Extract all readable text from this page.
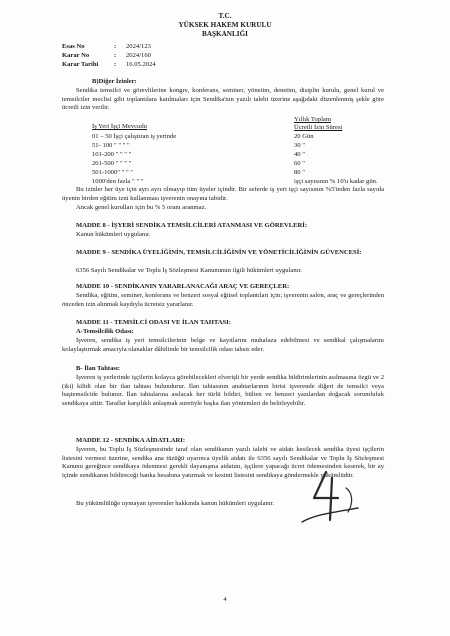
T.C.
YÜKSEK HAKEM KURULU
BAŞKANLIĞI
Esas No	: 2024/123
Karar No	: 2024/160
Karar Tarihi : 16.05.2024
B)Diğer İzinler:
Sendika temsilci ve görevlilerine kongre, konferans, seminer, yönetim, denetim, disiplin kurulu, genel kurul ve temsilciler meclisi gibi toplantılara katılmaları için Sendika'nın yazılı talebi üzerine aşağıdaki düzenlenmiş şekle göre ücretli izin verilir.
İş Yeri İşçi Mevcudu
Yıllık Toplam
Ücretli İzin Süresi
01 – 50 İşçi çalıştıran iş yerinde	20 Gün
51- 100 " " " "	30 "
101-200 " " " "	40 "
201-500 " " " "	60 "
501-1000" " " "	80 "
1000'den fazla " " "	işçi sayısının % 10'u kadar gün.
Bu izinler her üye için ayrı ayrı olmayıp tüm üyeler içindir. Bir seferde iş yeri işçi sayısının %5'inden fazla sayıda üyenin birden eğitim izni kullanması işverenin onayına tabidir.
Ancak genel kurulları için bu % 5 oranı aranmaz.
MADDE 8 - İŞYERİ SENDİKA TEMSİLCİLERİ ATANMASI VE GÖREVLERİ:
Kanun hükümleri uygulanır.
MADDE 9 - SENDİKA ÜYELİĞİNİN, TEMSİLCİLİĞİNİN VE YÖNETİCİLİĞİNİN GÜVENCESİ:
6356 Sayılı Sendikalar ve Toplu İş Sözleşmesi Kanununun ilgili hükümleri uygulanır.
MADDE 10 - SENDİKANIN YARARLANACAĞI ARAÇ VE GEREÇLER:
Sendika, eğitim, seminer, konferans ve benzeri sosyal eğitsel toplantıları için; işverenin salon, araç ve gereçlerinden önceden izin alınmak kaydıyla ücretsiz yararlanır.
MADDE 11 - TEMSİLCİ ODASI VE İLAN TAHTASI:
A-Temsilcilik Odası:
İşveren, sendika iş yeri temsilcilerinin belge ve kayıtlarını muhafaza edebilmesi ve sendikal çalışmalarını kolaylaştırmak amacıyla olanaklar dâhilinde bir temsilcilik odası tahsis eder.
B- İlan Tahtası:
İşveren iş yerlerinde işçilerin kolayca görebilecekleri elverişli bir yerde sendika bildirimlerinin asılmasına özgü ve 2 (iki) kilidi olan bir ilan tahtası bulundurur. İlan tahtasının anahtarlarının birisi işverende diğeri de temsilci veya baştemsilcide bulunur. İlan tahtalarına asılacak her türlü bildiri, bülten ve benzeri yazılardan doğacak sorumluluk sendikaya aittir. Taraflar karşılıklı anlaşmak suretiyle başka ilan yöntemleri de belirleyebilir.
MADDE 12 - SENDİKA AİDATLARI:
İşveren, bu Toplu İş Sözleşmesinde taraf olan sendikanın yazılı talebi ve aidatı kesilecek sendika üyesi işçilerin listesini vermesi üzerine, sendika ana tüzüğü uyarınca üyelik aidatı ile 6356 sayılı Sendikalar ve Toplu İş Sözleşmesi Kanunu gereğince sendikaya ödenmesi gerekli dayanışma aidatını, işçilere yapacağı ücret ödemesinden keserek, bir ay içinde sendikanın bildireceği banka hesabına yatırmak ve kesinti listesini sendikaya göndermekle yükümlüdür.
Bu yükümlülüğe uymayan işverenler hakkında kanun hükümleri uygulanır.
4
